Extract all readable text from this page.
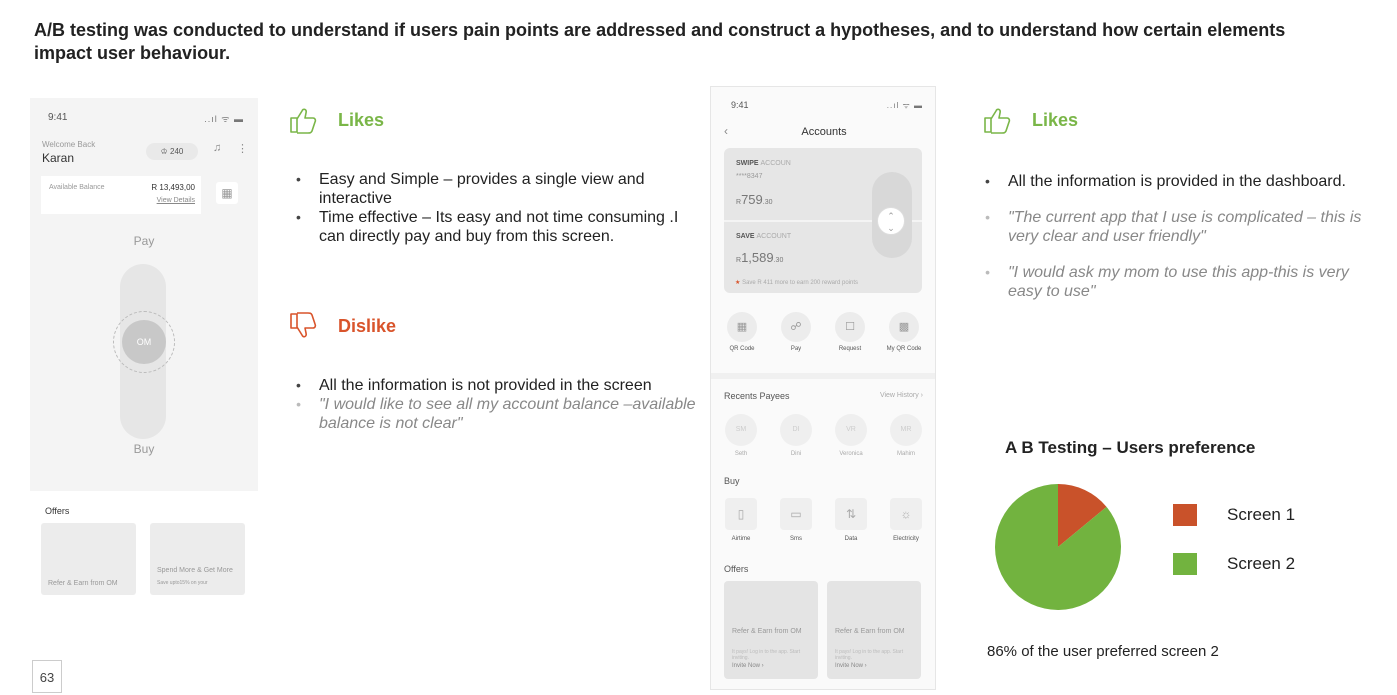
A/B testing was conducted to understand if users pain points are addressed and construct a hypotheses, and to understand how certain elements impact user behaviour.
9:41	..ıl ᯤ ▬
Welcome Back
Karan	♔ 240	♫ ⋮
Available Balance	R 13,493,00
View Details
▦
Pay
OM
Buy
Offers
Refer & Earn from OM
Spend More & Get More
Save upto15% on your
Likes
• Easy and Simple – provides a single view and interactive
• Time effective – Its easy and not time consuming .I can directly pay and buy from this screen.
Dislike
• All the information is not provided in the screen
• "I would like to see all my account balance –available balance is not clear"
9:41	..ıl ᯤ ▬
‹	Accounts
SWIPE ACCOUN
****8347
R759.30
SAVE ACCOUNT
R1,589.30
⌃
⌄
★ Save R 411 more to earn 200 reward points
▦
QR Code
☍
Pay
☐
Request
▩
My QR Code
Recents Payees	View History ›
SM
Seth
DI
Dini
VR
Veronica
MR
Mahim
Buy
▯
Airtime
▭
Sms
⇅
Data
☼
Electricity
Offers
Refer & Earn from OM
It pays! Log in to the app. Start inviting.
Invite Now ›
Refer & Earn from OM
It pays! Log in to the app. Start inviting.
Invite Now ›
Likes
• All the information is provided in the dashboard.
• "The current app that I use is complicated – this is very clear and user friendly"
• "I would ask my mom to use this app-this is very easy to use"
A B Testing – Users preference
Screen 1
Screen 2
86% of the user preferred screen 2
63
